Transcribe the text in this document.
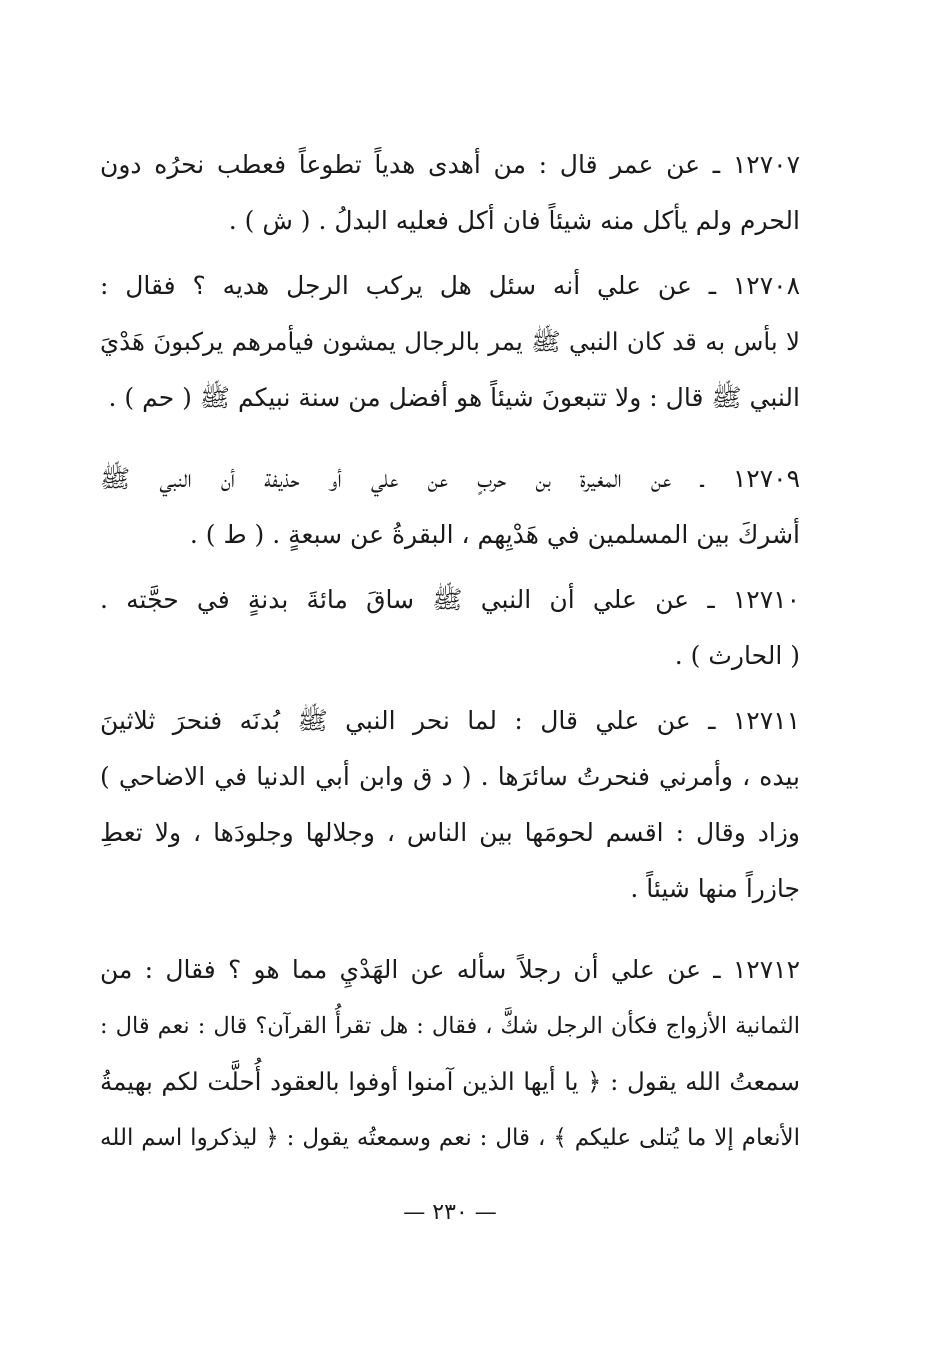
١٢٧٠٧ ـ عن عمر قال : من أهدى هدياً تطوعاً فعطب نحرُه دون
الحرم ولم يأكل منه شيئاً فان أكل فعليه البدلُ . ( ش ) .
١٢٧٠٨ ـ عن علي أنه سئل هل يركب الرجل هديه ؟ فقال :
لا بأس به قد كان النبي ﷺ يمر بالرجال يمشون فيأمرهم يركبونَ هَدْيَ
النبي ﷺ قال : ولا تتبعونَ شيئاً هو أفضل من سنة نبيكم ﷺ ( حم ) .
١٢٧٠٩ ـ عن المغيرة بن حربٍ عن علي أو حذيفة أن النبي ﷺ
أشركَ بين المسلمين في هَدْيِهم ، البقرةُ عن سبعةٍ . ( ط ) .
١٢٧١٠ ـ عن علي أن النبي ﷺ ساقَ مائةَ بدنةٍ في حجَّته .
( الحارث ) .
١٢٧١١ ـ عن علي قال : لما نحر النبي ﷺ بُدنَه فنحرَ ثلاثينَ
بيده ، وأمرني فنحرتُ سائرَها . ( د ق وابن أبي الدنيا في الاضاحي )
وزاد وقال : اقسم لحومَها بين الناس ، وجلالها وجلودَها ، ولا تعطِ
جازراً منها شيئاً .
١٢٧١٢ ـ عن علي أن رجلاً سأله عن الهَدْيِ مما هو ؟ فقال : من
الثمانية الأزواج فكأن الرجل شكَّ ، فقال : هل تقرأُ القرآن؟ قال : نعم قال :
سمعتُ الله يقول : ﴿ يا أيها الذين آمنوا أوفوا بالعقود أُحلَّت لكم بهيمةُ
الأنعام إلا ما يُتلى عليكم ﴾ ، قال : نعم وسمعتُه يقول : ﴿ ليذكروا اسم الله
— ٢٣٠ —
